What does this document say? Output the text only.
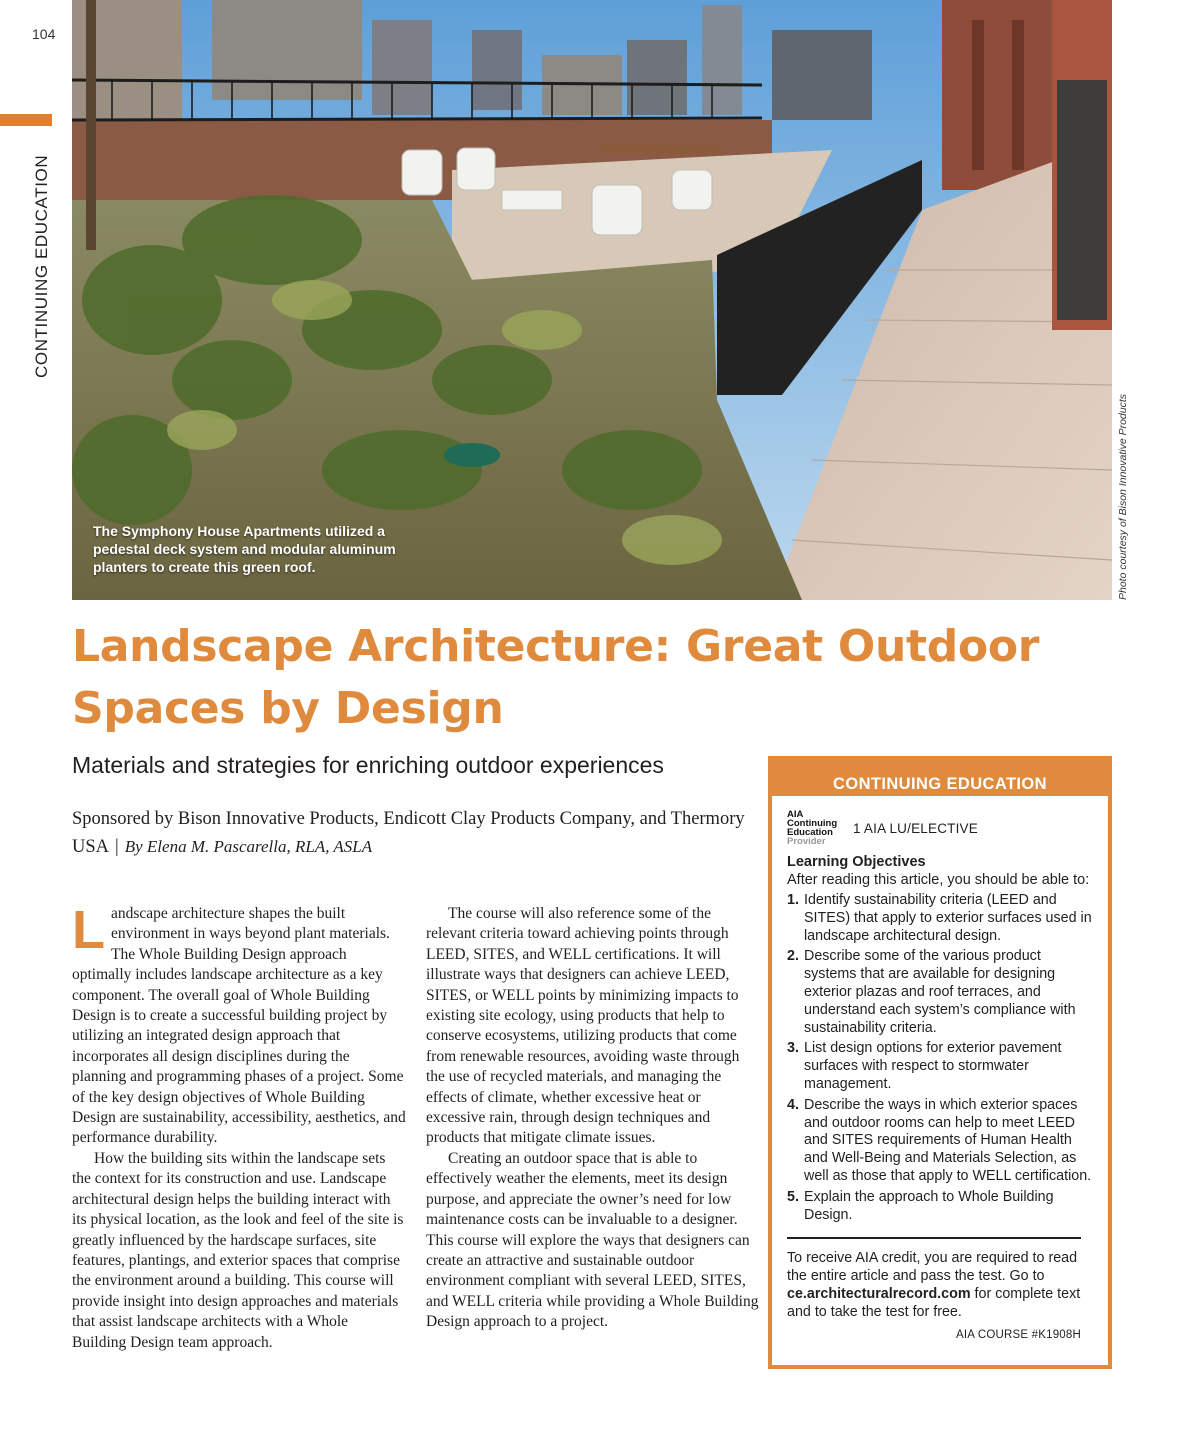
104
CONTINUING EDUCATION
The Symphony House Apartments utilized a pedestal deck system and modular aluminum planters to create this green roof.	Photo courtesy of Bison Innovative Products
Landscape Architecture: Great Outdoor Spaces by Design
Materials and strategies for enriching outdoor experiences
Sponsored by Bison Innovative Products, Endicott Clay Products Company, and Thermory USA | By Elena M. Pascarella, RLA, ASLA

Landscape architecture shapes the built environment in ways beyond plant materials. The Whole Building Design approach optimally includes landscape architecture as a key component. The overall goal of Whole Building Design is to create a successful building project by utilizing an integrated design approach that incorporates all design disciplines during the planning and programming phases of a project. Some of the key design objectives of Whole Building Design are sustainability, accessibility, aesthetics, and performance durability.

How the building sits within the landscape sets the context for its construction and use. Landscape architectural design helps the building interact with its physical location, as the look and feel of the site is greatly influenced by the hardscape surfaces, site features, plantings, and exterior spaces that comprise the environment around a building. This course will provide insight into design approaches and materials that assist landscape architects with a Whole Building Design team approach.

The course will also reference some of the relevant criteria toward achieving points through LEED, SITES, and WELL certifications. It will illustrate ways that designers can achieve LEED, SITES, or WELL points by minimizing impacts to existing site ecology, using products that help to conserve ecosystems, utilizing products that come from renewable resources, avoiding waste through the use of recycled materials, and managing the effects of climate, whether excessive heat or excessive rain, through design techniques and products that mitigate climate issues.

Creating an outdoor space that is able to effectively weather the elements, meet its design purpose, and appreciate the owner’s need for low maintenance costs can be invaluable to a designer. This course will explore the ways that designers can create an attractive and sustainable outdoor environment compliant with several LEED, SITES, and WELL criteria while providing a Whole Building Design approach to a project.

CONTINUING EDUCATION
AIA
Continuing
Education
Provider
1 AIA LU/ELECTIVE
Learning Objectives
After reading this article, you should be able to:
1. Identify sustainability criteria (LEED and SITES) that apply to exterior surfaces used in landscape architectural design.
2. Describe some of the various product systems that are available for designing exterior plazas and roof terraces, and understand each system’s compliance with sustainability criteria.
3. List design options for exterior pavement surfaces with respect to stormwater management.
4. Describe the ways in which exterior spaces and outdoor rooms can help to meet LEED and SITES requirements of Human Health and Well-Being and Materials Selection, as well as those that apply to WELL certification.
5. Explain the approach to Whole Building Design.
To receive AIA credit, you are required to read the entire article and pass the test. Go to ce.architecturalrecord.com for complete text and to take the test for free.
AIA COURSE #K1908H
